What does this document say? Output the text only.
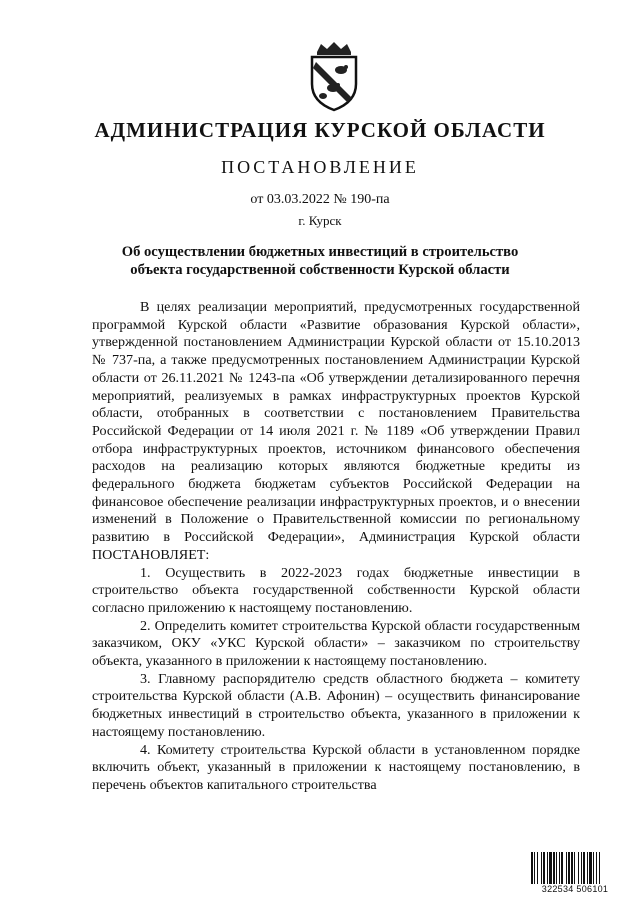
АДМИНИСТРАЦИЯ КУРСКОЙ ОБЛАСТИ
ПОСТАНОВЛЕНИЕ
от 03.03.2022 № 190-па
г. Курск
Об осуществлении бюджетных инвестиций в строительство
объекта государственной собственности Курской области

В целях реализации мероприятий, предусмотренных государственной программой Курской области «Развитие образования Курской области», утвержденной постановлением Администрации Курской области от 15.10.2013 № 737-па, а также предусмотренных постановлением Администрации Курской области от 26.11.2021 № 1243-па «Об утверждении детализированного перечня мероприятий, реализуемых в рамках инфраструктурных проектов Курской области, отобранных в соответствии с постановлением Правительства Российской Федерации от 14 июля 2021 г. № 1189 «Об утверждении Правил отбора инфраструктурных проектов, источником финансового обеспечения расходов на реализацию которых являются бюджетные кредиты из федерального бюджета бюджетам субъектов Российской Федерации на финансовое обеспечение реализации инфраструктурных проектов, и о внесении изменений в Положение о Правительственной комиссии по региональному развитию в Российской Федерации», Администрация Курской области ПОСТАНОВЛЯЕТ:

1. Осуществить в 2022-2023 годах бюджетные инвестиции в строительство объекта государственной собственности Курской области согласно приложению к настоящему постановлению.

2. Определить комитет строительства Курской области государственным заказчиком, ОКУ «УКС Курской области» – заказчиком по строительству объекта, указанного в приложении к настоящему постановлению.

3. Главному распорядителю средств областного бюджета – комитету строительства Курской области (А.В. Афонин) – осуществить финансирование бюджетных инвестиций в строительство объекта, указанного в приложении к настоящему постановлению.

4. Комитету строительства Курской области в установленном порядке включить объект, указанный в приложении к настоящему постановлению, в перечень объектов капитального строительства

322534 506101
